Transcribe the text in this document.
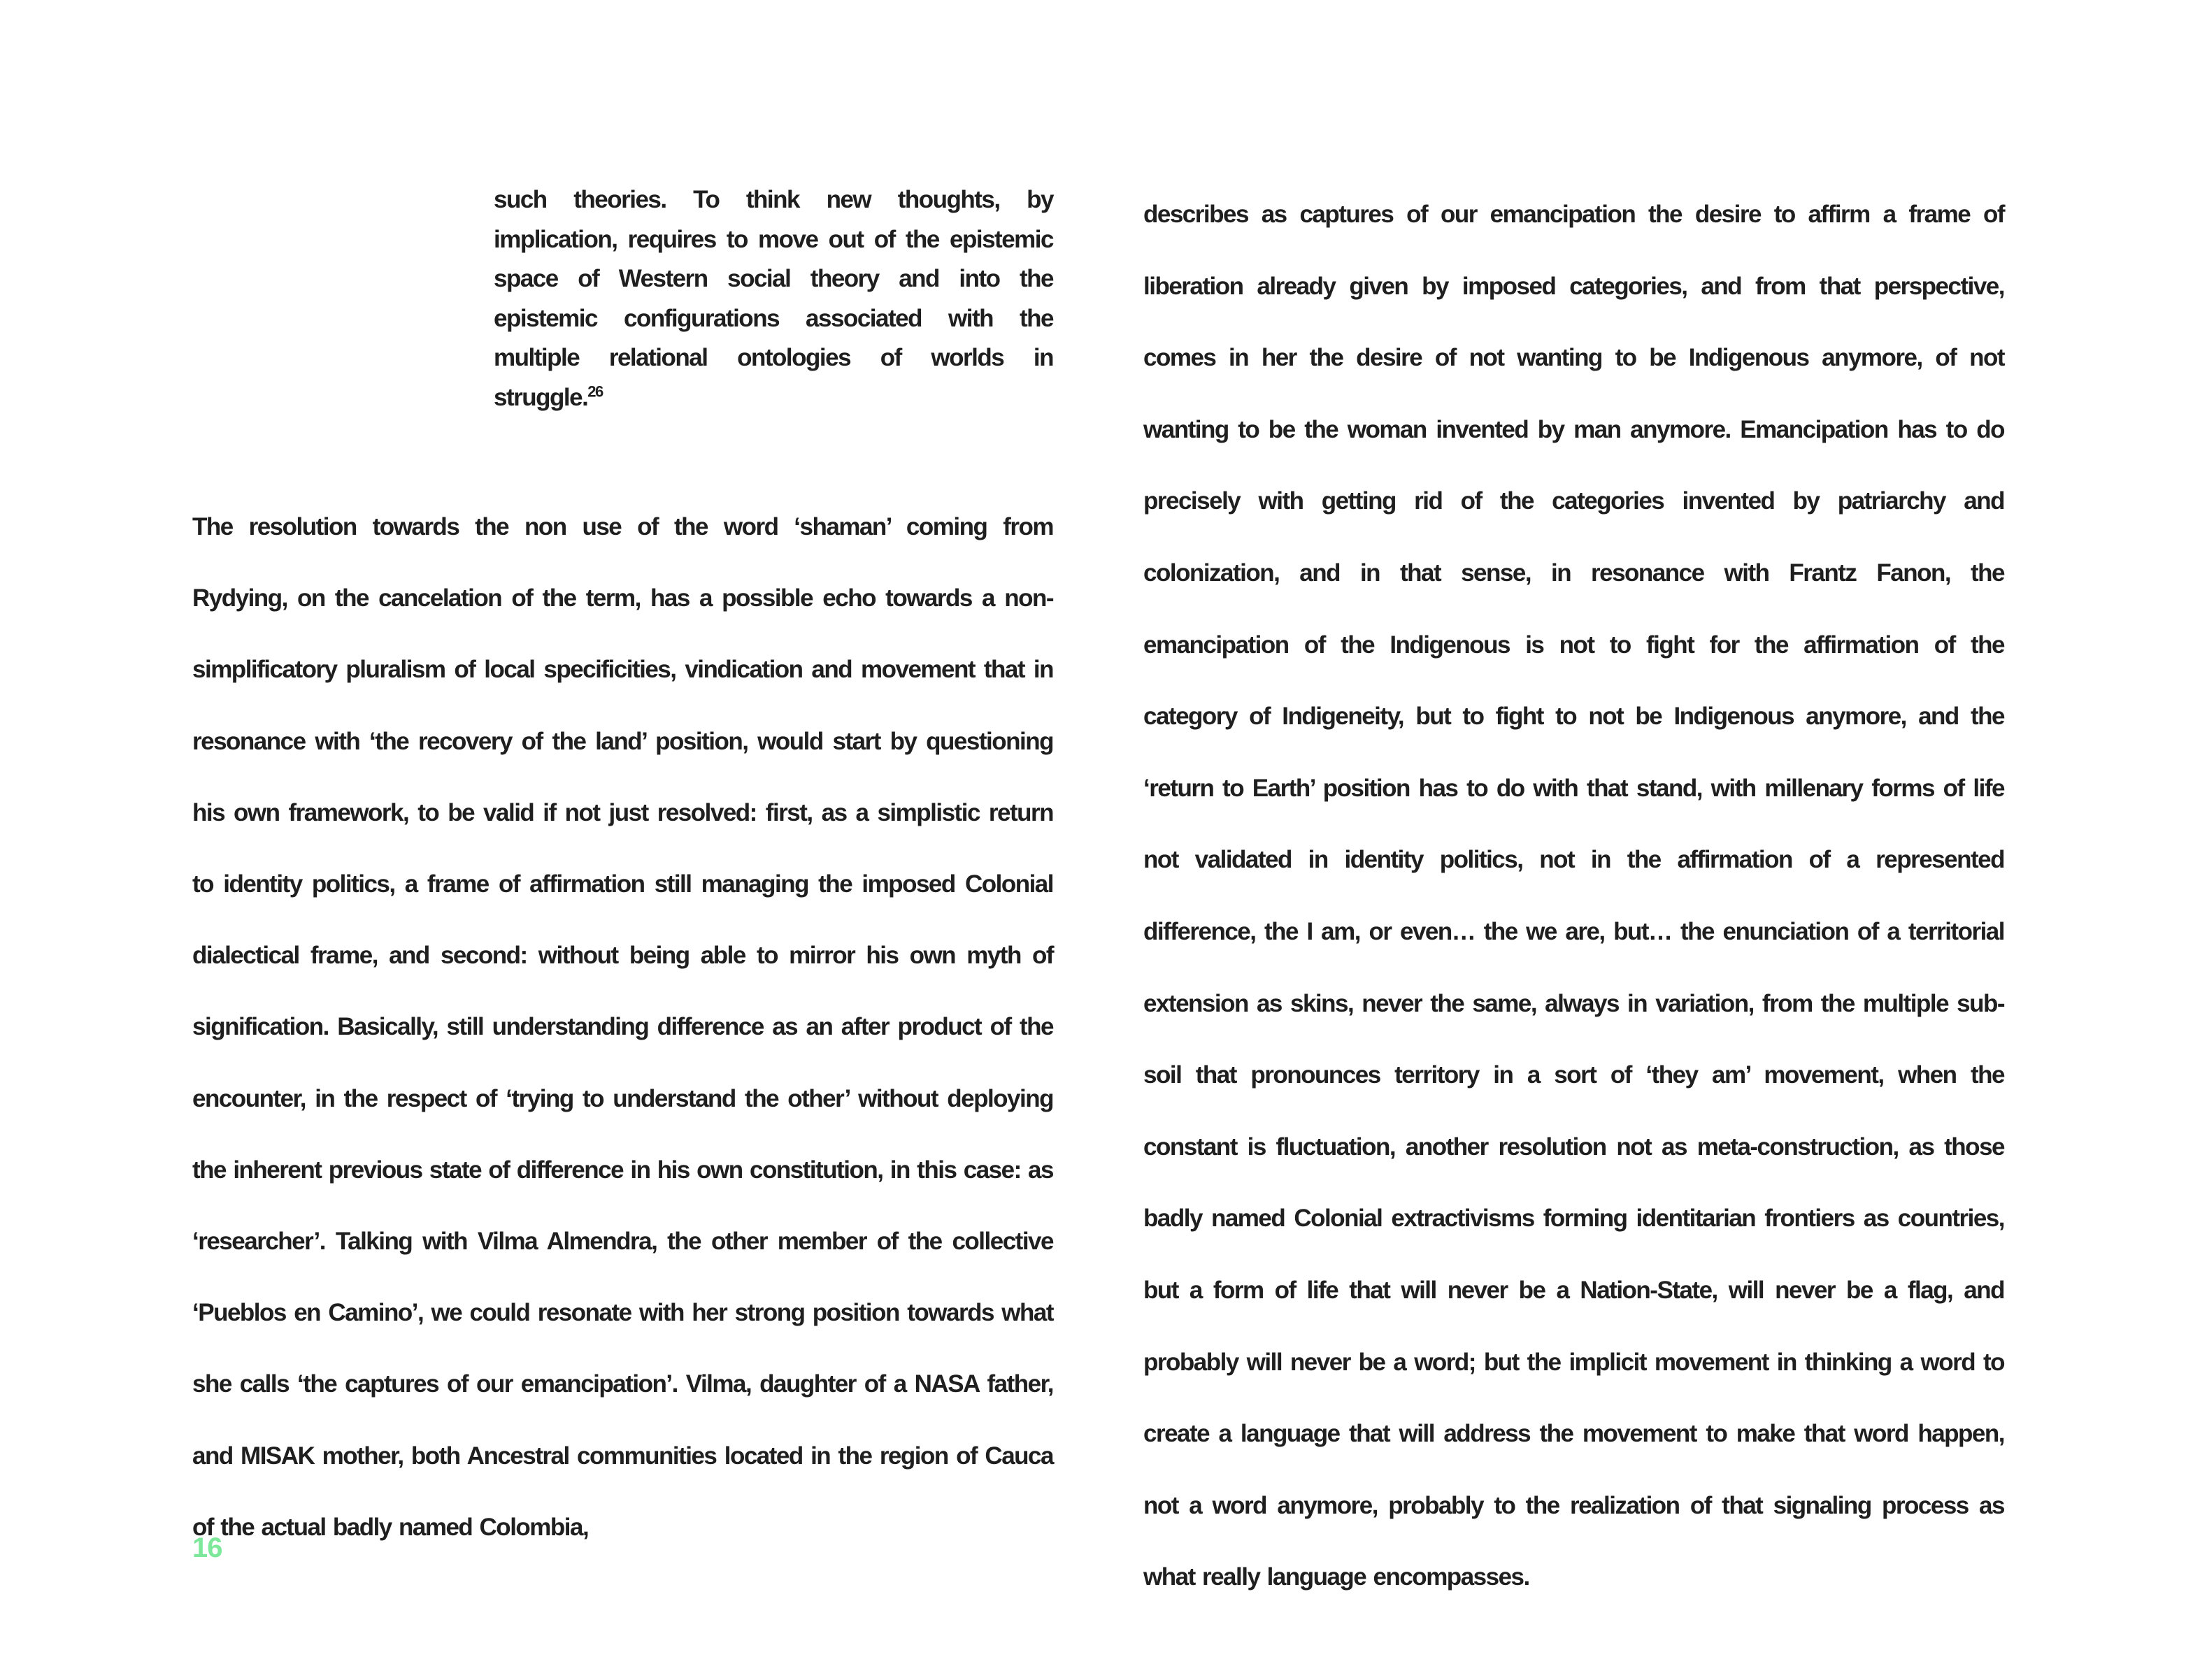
such theories. To think new thoughts, by implication, requires to move out of the epistemic space of Western social theory and into the epistemic configurations associated with the multiple relational ontologies of worlds in struggle.$^{26}$

The resolution towards the non use of the word ‘shaman’ coming from Rydying, on the cancelation of the term, has a possible echo towards a non-simplificatory pluralism of local specificities, vindication and movement that in resonance with ‘the recovery of the land’ position, would start by questioning his own framework, to be valid if not just resolved: first, as a simplistic return to identity politics, a frame of affirmation still managing the imposed Colonial dialectical frame, and second: without being able to mirror his own myth of signification. Basically, still understanding difference as an after product of the encounter, in the respect of ‘trying to understand the other’ without deploying the inherent previous state of difference in his own constitution, in this case: as ‘researcher’. Talking with Vilma Almendra, the other member of the collective ‘Pueblos en Camino’, we could resonate with her strong position towards what she calls ‘the captures of our emancipation’. Vilma, daughter of a NASA father, and MISAK mother, both Ancestral communities located in the region of Cauca of the actual badly named Colombia,

describes as captures of our emancipation the desire to affirm a frame of liberation already given by imposed categories, and from that perspective, comes in her the desire of not wanting to be Indigenous anymore, of not wanting to be the woman invented by man anymore. Emancipation has to do precisely with getting rid of the categories invented by patriarchy and colonization, and in that sense, in resonance with Frantz Fanon, the emancipation of the Indigenous is not to fight for the affirmation of the category of Indigeneity, but to fight to not be Indigenous anymore, and the ‘return to Earth’ position has to do with that stand, with millenary forms of life not validated in identity politics, not in the affirmation of a represented difference, the I am, or even… the we are, but… the enunciation of a territorial extension as skins, never the same, always in variation, from the multiple sub-soil that pronounces territory in a sort of ‘they am’ movement, when the constant is fluctuation, another resolution not as meta-construction, as those badly named Colonial extractivisms forming identitarian frontiers as countries, but a form of life that will never be a Nation-State, will never be a flag, and probably will never be a word; but the implicit movement in thinking a word to create a language that will address the movement to make that word happen, not a word anymore, probably to the realization of that signaling process as what really language encompasses.

16
